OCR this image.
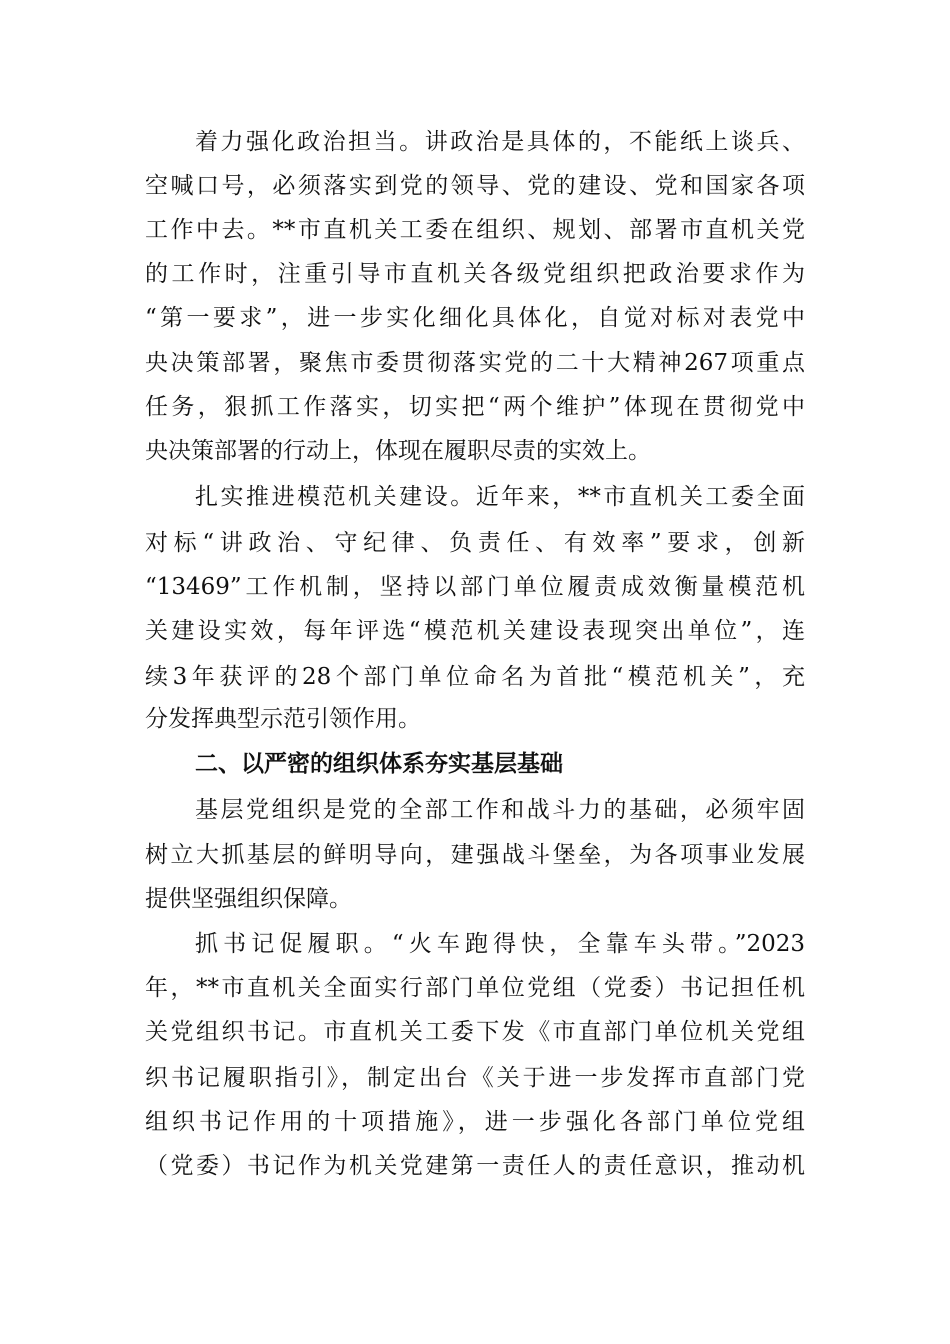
着力强化政治担当。讲政治是具体的，不能纸上谈兵、
空喊口号，必须落实到党的领导、党的建设、党和国家各项
工作中去。**市直机关工委在组织、规划、部署市直机关党
的工作时，注重引导市直机关各级党组织把政治要求作为
“第一要求”，进一步实化细化具体化，自觉对标对表党中
央决策部署，聚焦市委贯彻落实党的二十大精神267项重点
任务，狠抓工作落实，切实把“两个维护”体现在贯彻党中
央决策部署的行动上，体现在履职尽责的实效上。
扎实推进模范机关建设。近年来，**市直机关工委全面
对标“讲政治、守纪律、负责任、有效率”要求，创新
“13469”工作机制，坚持以部门单位履责成效衡量模范机
关建设实效，每年评选“模范机关建设表现突出单位”，连
续3年获评的28个部门单位命名为首批“模范机关”，充
分发挥典型示范引领作用。
二、以严密的组织体系夯实基层基础
基层党组织是党的全部工作和战斗力的基础，必须牢固
树立大抓基层的鲜明导向，建强战斗堡垒，为各项事业发展
提供坚强组织保障。
抓书记促履职。“火车跑得快，全靠车头带。”2023
年，**市直机关全面实行部门单位党组（党委）书记担任机
关党组织书记。市直机关工委下发《市直部门单位机关党组
织书记履职指引》，制定出台《关于进一步发挥市直部门党
组织书记作用的十项措施》，进一步强化各部门单位党组
（党委）书记作为机关党建第一责任人的责任意识，推动机
